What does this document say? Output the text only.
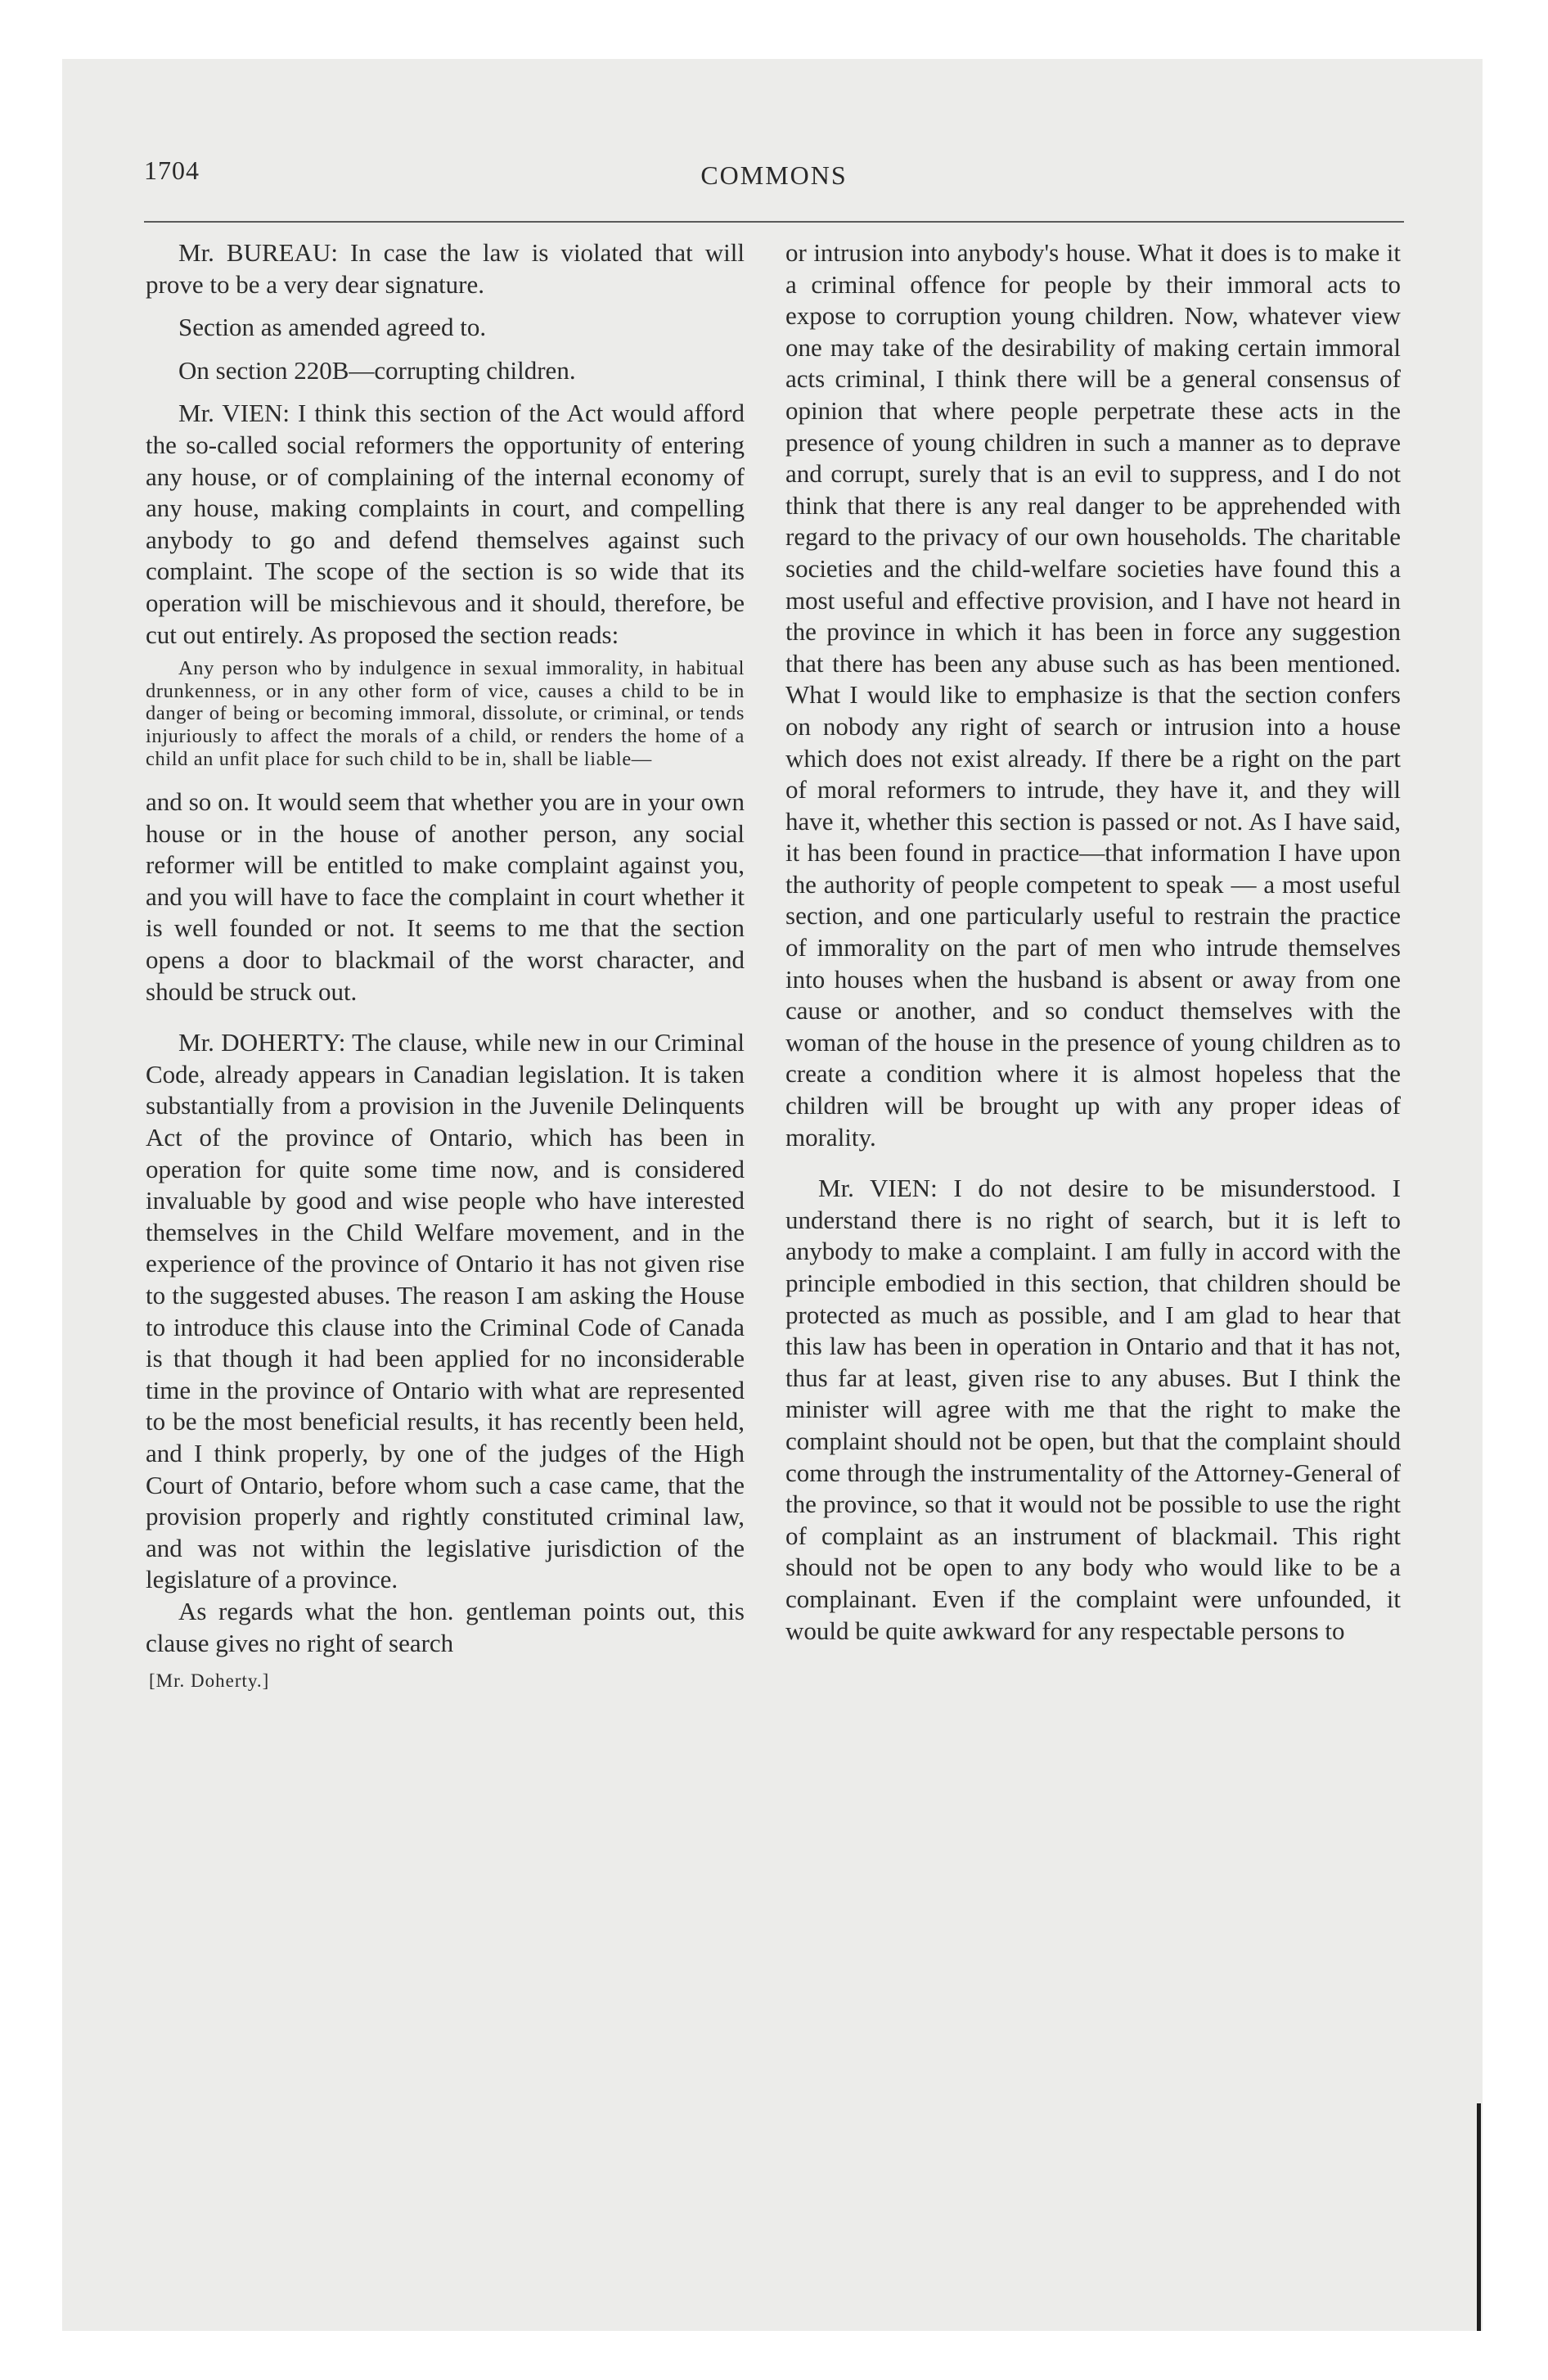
1704	COMMONS

Mr. BUREAU: In case the law is violated that will prove to be a very dear signature.

Section as amended agreed to.

On section 220B—corrupting children.

Mr. VIEN: I think this section of the Act would afford the so-called social reformers the opportunity of entering any house, or of complaining of the internal economy of any house, making complaints in court, and compelling anybody to go and defend themselves against such complaint. The scope of the section is so wide that its operation will be mischievous and it should, therefore, be cut out entirely. As proposed the section reads:

Any person who by indulgence in sexual immorality, in habitual drunkenness, or in any other form of vice, causes a child to be in danger of being or becoming immoral, dissolute, or criminal, or tends injuriously to affect the morals of a child, or renders the home of a child an unfit place for such child to be in, shall be liable—

and so on. It would seem that whether you are in your own house or in the house of another person, any social reformer will be entitled to make complaint against you, and you will have to face the complaint in court whether it is well founded or not. It seems to me that the section opens a door to blackmail of the worst character, and should be struck out.

Mr. DOHERTY: The clause, while new in our Criminal Code, already appears in Canadian legislation. It is taken substantially from a provision in the Juvenile Delinquents Act of the province of Ontario, which has been in operation for quite some time now, and is considered invaluable by good and wise people who have interested themselves in the Child Welfare movement, and in the experience of the province of Ontario it has not given rise to the suggested abuses. The reason I am asking the House to introduce this clause into the Criminal Code of Canada is that though it had been applied for no inconsiderable time in the province of Ontario with what are represented to be the most beneficial results, it has recently been held, and I think properly, by one of the judges of the High Court of Ontario, before whom such a case came, that the provision properly and rightly constituted criminal law, and was not within the legislative jurisdiction of the legislature of a province.

As regards what the hon. gentleman points out, this clause gives no right of search

[Mr. Doherty.]

or intrusion into anybody's house. What it does is to make it a criminal offence for people by their immoral acts to expose to corruption young children. Now, whatever view one may take of the desirability of making certain immoral acts criminal, I think there will be a general consensus of opinion that where people perpetrate these acts in the presence of young children in such a manner as to deprave and corrupt, surely that is an evil to suppress, and I do not think that there is any real danger to be apprehended with regard to the privacy of our own households. The charitable societies and the child-welfare societies have found this a most useful and effective provision, and I have not heard in the province in which it has been in force any suggestion that there has been any abuse such as has been mentioned. What I would like to emphasize is that the section confers on nobody any right of search or intrusion into a house which does not exist already. If there be a right on the part of moral reformers to intrude, they have it, and they will have it, whether this section is passed or not. As I have said, it has been found in practice—that information I have upon the authority of people competent to speak — a most useful section, and one particularly useful to restrain the practice of immorality on the part of men who intrude themselves into houses when the husband is absent or away from one cause or another, and so conduct themselves with the woman of the house in the presence of young children as to create a condition where it is almost hopeless that the children will be brought up with any proper ideas of morality.

Mr. VIEN: I do not desire to be misunderstood. I understand there is no right of search, but it is left to anybody to make a complaint. I am fully in accord with the principle embodied in this section, that children should be protected as much as possible, and I am glad to hear that this law has been in operation in Ontario and that it has not, thus far at least, given rise to any abuses. But I think the minister will agree with me that the right to make the complaint should not be open, but that the complaint should come through the instrumentality of the Attorney-General of the province, so that it would not be possible to use the right of complaint as an instrument of blackmail. This right should not be open to any body who would like to be a complainant. Even if the complaint were unfounded, it would be quite awkward for any respectable persons to
